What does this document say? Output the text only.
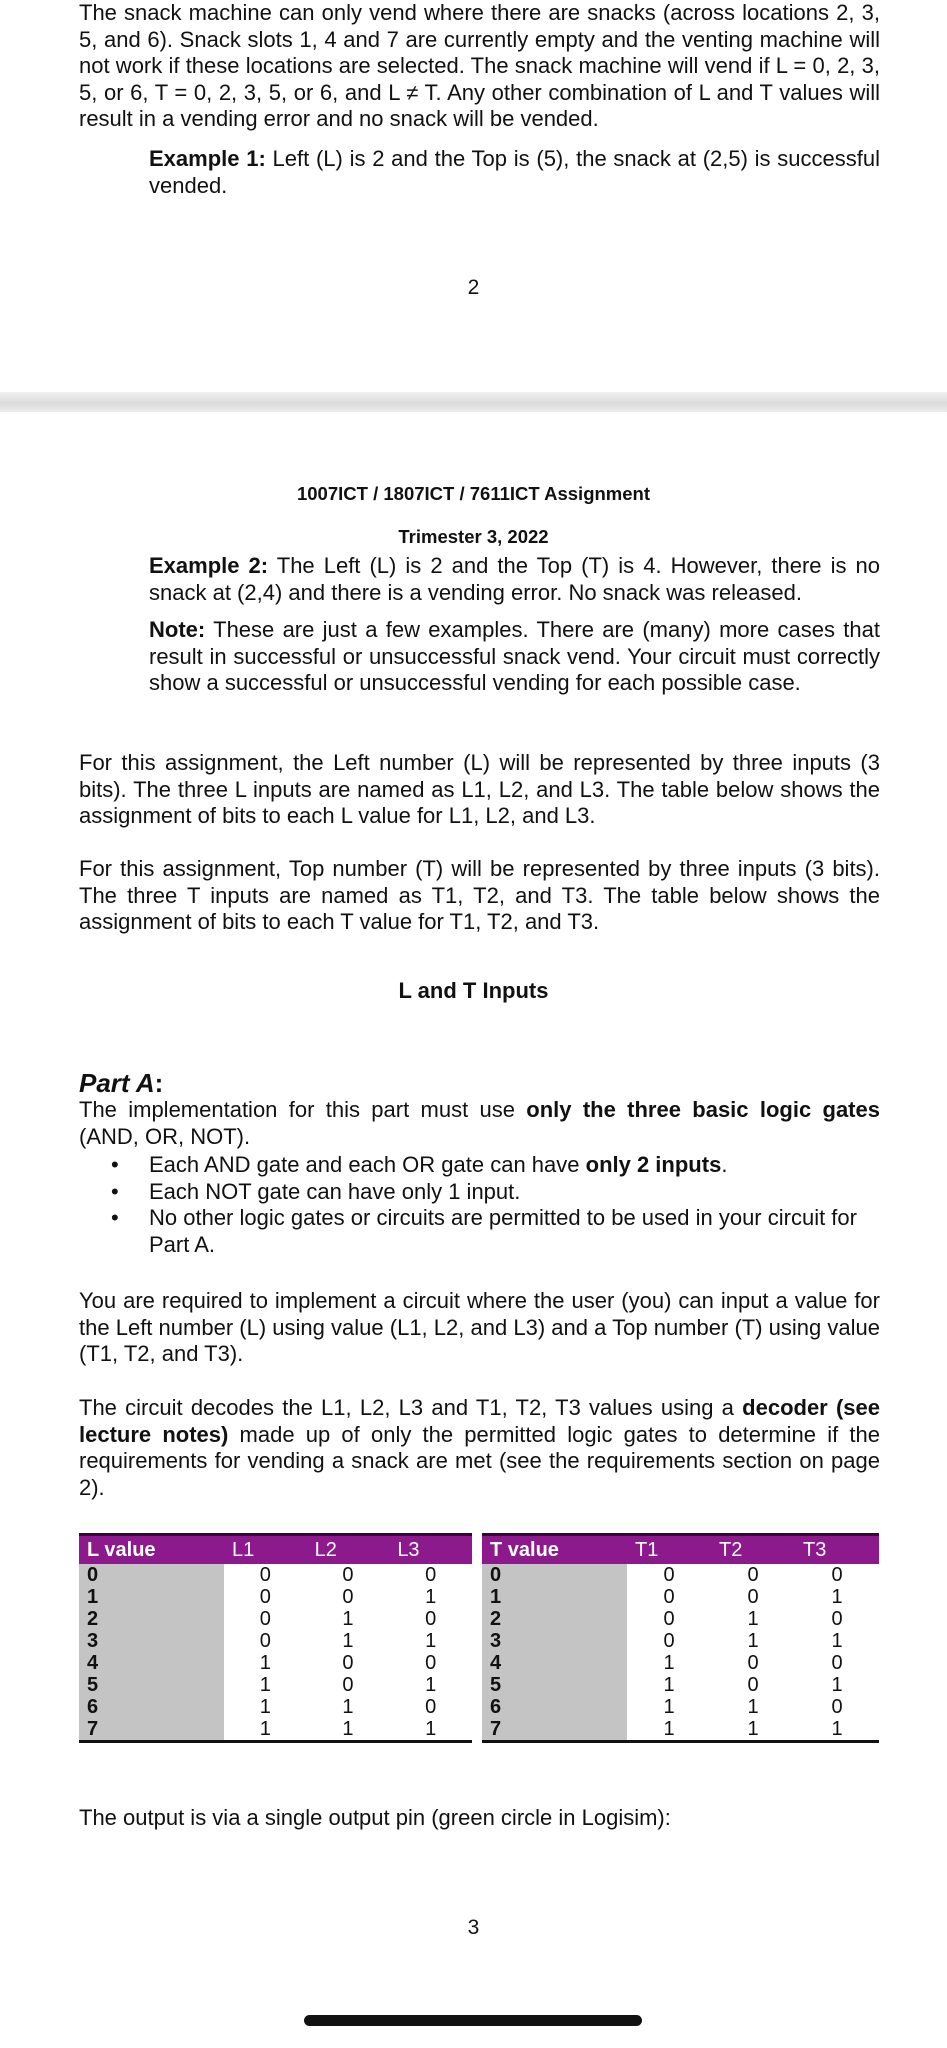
The snack machine can only vend where there are snacks (across locations 2, 3, 5, and 6). Snack slots 1, 4 and 7 are currently empty and the venting machine will not work if these locations are selected. The snack machine will vend if L = 0, 2, 3, 5, or 6, T = 0, 2, 3, 5, or 6, and L ≠ T. Any other combination of L and T values will result in a vending error and no snack will be vended.
Example 1: Left (L) is 2 and the Top is (5), the snack at (2,5) is successful vended.
2
1007ICT / 1807ICT / 7611ICT Assignment
Trimester 3, 2022
Example 2: The Left (L) is 2 and the Top (T) is 4. However, there is no snack at (2,4) and there is a vending error. No snack was released.
Note: These are just a few examples. There are (many) more cases that result in successful or unsuccessful snack vend. Your circuit must correctly show a successful or unsuccessful vending for each possible case.
For this assignment, the Left number (L) will be represented by three inputs (3 bits). The three L inputs are named as L1, L2, and L3. The table below shows the assignment of bits to each L value for L1, L2, and L3.
For this assignment, Top number (T) will be represented by three inputs (3 bits). The three T inputs are named as T1, T2, and T3. The table below shows the assignment of bits to each T value for T1, T2, and T3.
L and T Inputs
Part A:
The implementation for this part must use only the three basic logic gates (AND, OR, NOT).
• Each AND gate and each OR gate can have only 2 inputs.
• Each NOT gate can have only 1 input.
• No other logic gates or circuits are permitted to be used in your circuit for Part A.
You are required to implement a circuit where the user (you) can input a value for the Left number (L) using value (L1, L2, and L3) and a Top number (T) using value (T1, T2, and T3).
The circuit decodes the L1, L2, L3 and T1, T2, T3 values using a decoder (see lecture notes) made up of only the permitted logic gates to determine if the requirements for vending a snack are met (see the requirements section on page 2).
L value	L1	L2	L3
0	0	0	0
1	0	0	1
2	0	1	0
3	0	1	1
4	1	0	0
5	1	0	1
6	1	1	0
7	1	1	1
T value	T1	T2	T3
0	0	0	0
1	0	0	1
2	0	1	0
3	0	1	1
4	1	0	0
5	1	0	1
6	1	1	0
7	1	1	1
The output is via a single output pin (green circle in Logisim):
3
